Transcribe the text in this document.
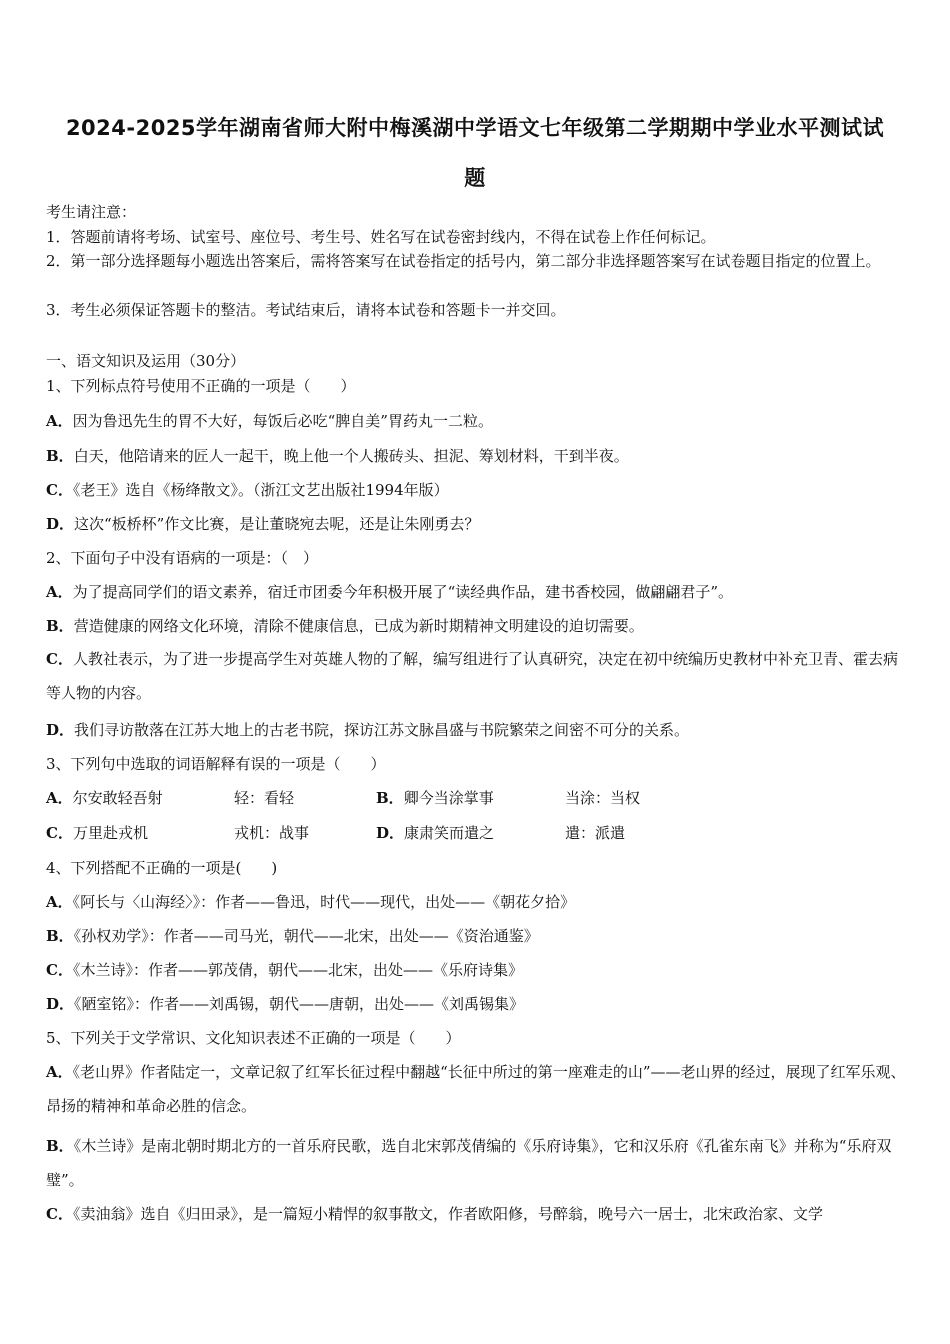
2024-2025学年湖南省师大附中梅溪湖中学语文七年级第二学期期中学业水平测试试
题
考生请注意：
1．答题前请将考场、试室号、座位号、考生号、姓名写在试卷密封线内，不得在试卷上作任何标记。
2．第一部分选择题每小题选出答案后，需将答案写在试卷指定的括号内，第二部分非选择题答案写在试卷题目指定的位置上。
3．考生必须保证答题卡的整洁。考试结束后，请将本试卷和答题卡一并交回。
一、语文知识及运用（30分）
1、下列标点符号使用不正确的一项是（　　）
A．因为鲁迅先生的胃不大好，每饭后必吃“脾自美”胃药丸一二粒。
B．白天，他陪请来的匠人一起干，晚上他一个人搬砖头、担泥、筹划材料，干到半夜。
C．《老王》选自《杨绛散文》。（浙江文艺出版社1994年版）
D．这次“板桥杯”作文比赛，是让董晓宛去呢，还是让朱刚勇去？
2、下面句子中没有语病的一项是：（　）
A．为了提高同学们的语文素养，宿迁市团委今年积极开展了“读经典作品，建书香校园，做翩翩君子”。
B．营造健康的网络文化环境，清除不健康信息，已成为新时期精神文明建设的迫切需要。
C．人教社表示，为了进一步提高学生对英雄人物的了解，编写组进行了认真研究，决定在初中统编历史教材中补充卫青、霍去病等人物的内容。
D．我们寻访散落在江苏大地上的古老书院，探访江苏文脉昌盛与书院繁荣之间密不可分的关系。
3、下列句中选取的词语解释有误的一项是（　　）
A．尔安敢轻吾射	轻：看轻	B．卿今当涂掌事	当涂：当权
C．万里赴戎机	戎机：战事	D．康肃笑而遣之	遣：派遣
4、下列搭配不正确的一项是(　　)
A．《阿长与〈山海经〉》：作者——鲁迅，时代——现代，出处——《朝花夕拾》
B．《孙权劝学》：作者——司马光，朝代——北宋，出处——《资治通鉴》
C．《木兰诗》：作者——郭茂倩，朝代——北宋，出处——《乐府诗集》
D．《陋室铭》：作者——刘禹锡，朝代——唐朝，出处——《刘禹锡集》
5、下列关于文学常识、文化知识表述不正确的一项是（　　）
A．《老山界》作者陆定一，文章记叙了红军长征过程中翻越“长征中所过的第一座难走的山”——老山界的经过，展现了红军乐观、昂扬的精神和革命必胜的信念。
B．《木兰诗》是南北朝时期北方的一首乐府民歌，选自北宋郭茂倩编的《乐府诗集》，它和汉乐府《孔雀东南飞》并称为“乐府双璧”。
C．《卖油翁》选自《归田录》，是一篇短小精悍的叙事散文，作者欧阳修，号醉翁，晚号六一居士，北宋政治家、文学
